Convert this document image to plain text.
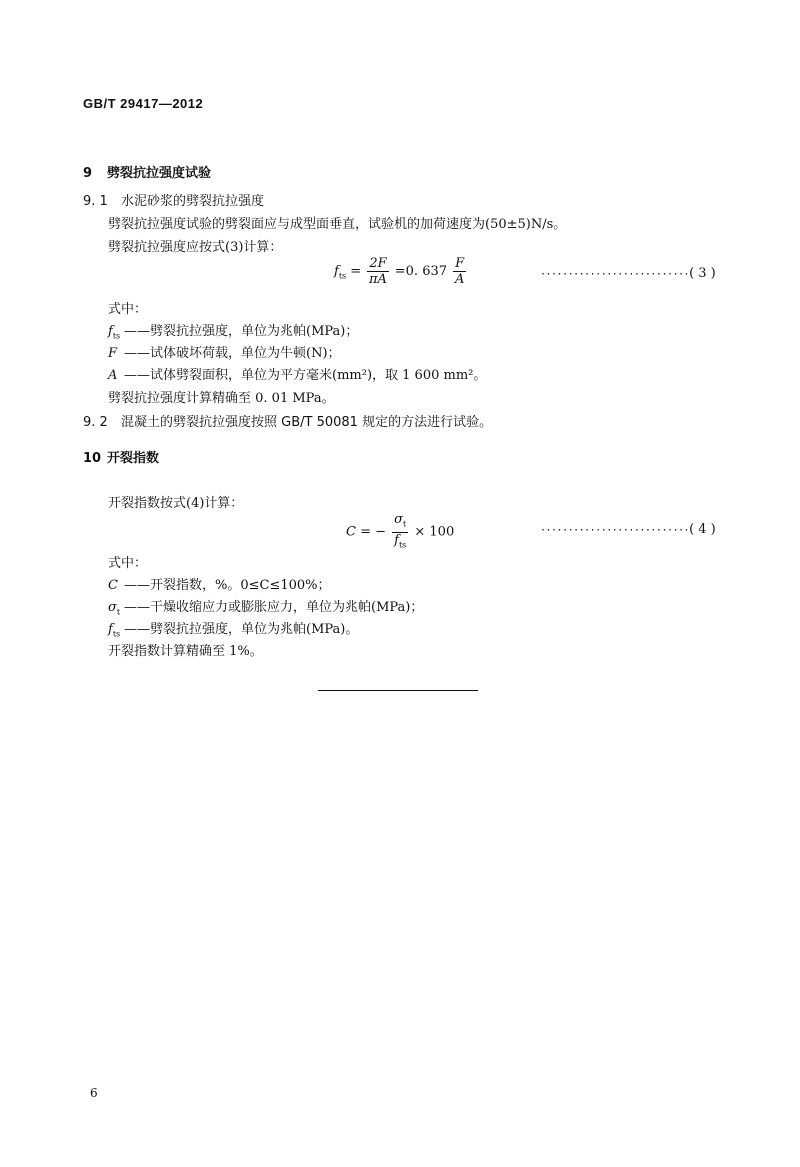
GB/T 29417—2012
9 劈裂抗拉强度试验
9. 1 水泥砂浆的劈裂抗拉强度
劈裂抗拉强度试验的劈裂面应与成型面垂直，试验机的加荷速度为(50±5)N/s。
劈裂抗拉强度应按式(3)计算：
$f_{ts} = \frac{2F}{\pi A} =0$. $637 \frac{F}{A}$	···························( 3 )
式中：
$f_{ts}$ ——劈裂抗拉强度，单位为兆帕(MPa)；
F ——试体破坏荷载，单位为牛顿(N)；
A ——试体劈裂面积，单位为平方毫米(mm²)，取 1 600 mm²。
劈裂抗拉强度计算精确至 0. 01 MPa。
9. 2 混凝土的劈裂抗拉强度按照 GB/T 50081 规定的方法进行试验。
10 开裂指数
开裂指数按式(4)计算：
C = − $\frac{\sigma_t}{f_{ts}} \times 100$	···························( 4 )
式中：
C ——开裂指数，%。0≤C≤100%；
$\sigma_t$ ——干燥收缩应力或膨胀应力，单位为兆帕(MPa)；
$f_{ts}$ ——劈裂抗拉强度，单位为兆帕(MPa)。
开裂指数计算精确至 1%。
6
